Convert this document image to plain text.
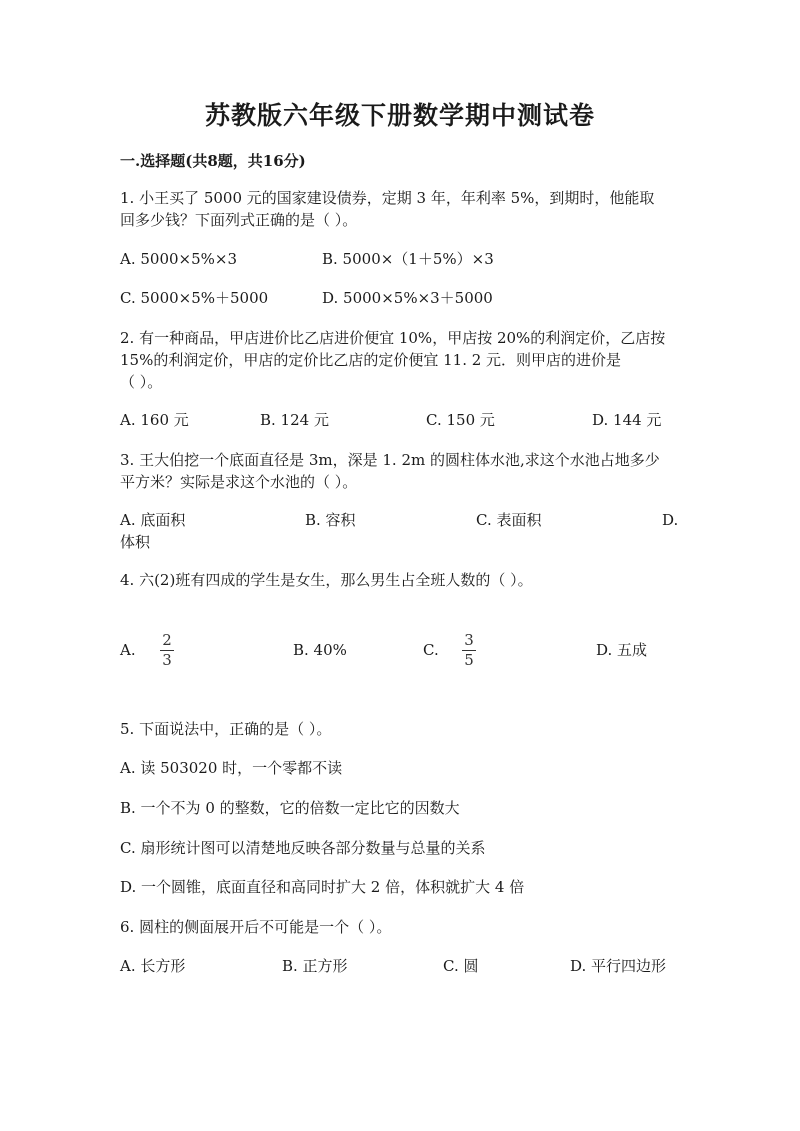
苏教版六年级下册数学期中测试卷
一.选择题(共8题，共16分)
1. 小王买了 5000 元的国家建设债券，定期 3 年，年利率 5%，到期时，他能取
回多少钱？下面列式正确的是（ ）。
A. 5000×5%×3	B. 5000×（1＋5%）×3
C. 5000×5%＋5000	D. 5000×5%×3＋5000
2. 有一种商品，甲店进价比乙店进价便宜 10%，甲店按 20%的利润定价，乙店按
15%的利润定价，甲店的定价比乙店的定价便宜 11. 2 元．则甲店的进价是
（ ）。
A. 160 元	B. 124 元	C. 150 元	D. 144 元
3. 王大伯挖一个底面直径是 3m，深是 1. 2m 的圆柱体水池,求这个水池占地多少
平方米？实际是求这个水池的（ ）。
A. 底面积	B. 容积	C. 表面积	D.
体积
4. 六(2)班有四成的学生是女生，那么男生占全班人数的（ ）。
A.
2
3
B. 40%	C.
3
5
D. 五成
5. 下面说法中，正确的是（ ）。
A. 读 503020 时，一个零都不读
B. 一个不为 0 的整数，它的倍数一定比它的因数大
C. 扇形统计图可以清楚地反映各部分数量与总量的关系
D. 一个圆锥，底面直径和高同时扩大 2 倍，体积就扩大 4 倍
6. 圆柱的侧面展开后不可能是一个（ ）。
A. 长方形	B. 正方形	C. 圆	D. 平行四边形
